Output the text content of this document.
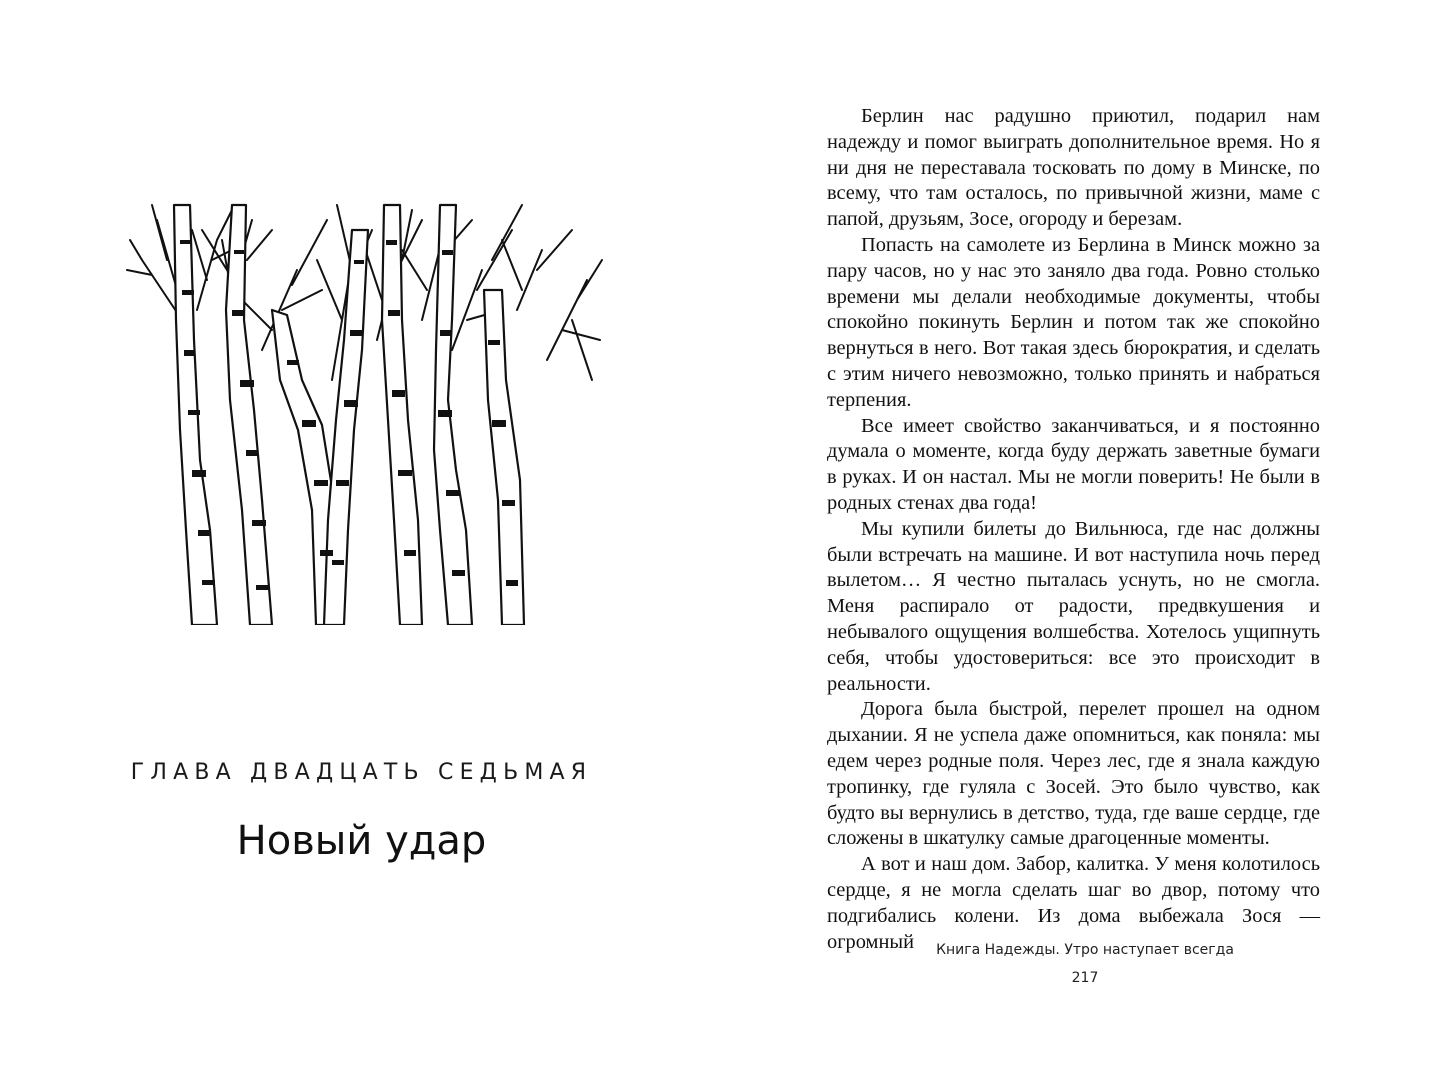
ГЛАВА ДВАДЦАТЬ СЕДЬМАЯ
Новый удар

Берлин нас радушно приютил, подарил нам надежду и помог выиграть дополнительное время. Но я ни дня не переставала тосковать по дому в Минске, по всему, что там осталось, по привычной жизни, маме с папой, друзьям, Зосе, огороду и березам.

Попасть на самолете из Берлина в Минск можно за пару часов, но у нас это заняло два года. Ровно столько времени мы делали необходимые документы, чтобы спокойно покинуть Берлин и потом так же спокойно вернуться в него. Вот такая здесь бюрократия, и сделать с этим ничего невозможно, только принять и набраться терпения.

Все имеет свойство заканчиваться, и я постоянно думала о моменте, когда буду держать заветные бумаги в руках. И он настал. Мы не могли поверить! Не были в родных стенах два года!

Мы купили билеты до Вильнюса, где нас должны были встречать на машине. И вот наступила ночь перед вылетом… Я честно пыталась уснуть, но не смогла. Меня распирало от радости, предвкушения и небывалого ощущения волшебства. Хотелось ущипнуть себя, чтобы удостовериться: все это происходит в реальности.

Дорога была быстрой, перелет прошел на одном дыхании. Я не успела даже опомниться, как поняла: мы едем через родные поля. Через лес, где я знала каждую тропинку, где гуляла с Зосей. Это было чувство, как будто вы вернулись в детство, туда, где ваше сердце, где сложены в шкатулку самые драгоценные моменты.

А вот и наш дом. Забор, калитка. У меня колотилось сердце, я не могла сделать шаг во двор, потому что подгибались колени. Из дома выбежала Зося — огромный	Книга Надежды. Утро наступает всегда
217
